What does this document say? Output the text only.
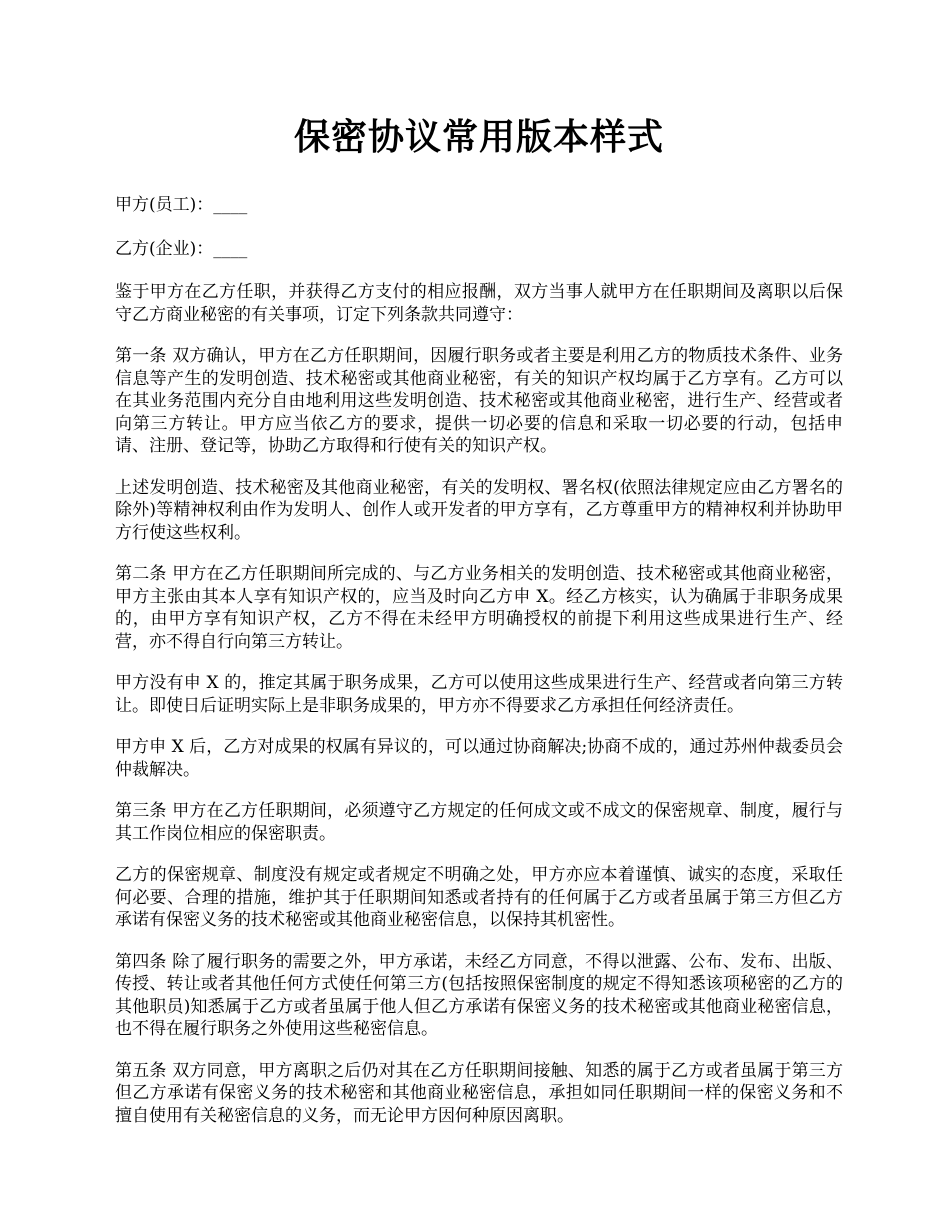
保密协议常用版本样式

甲方(员工)：____

乙方(企业)：____

鉴于甲方在乙方任职，并获得乙方支付的相应报酬，双方当事人就甲方在任职期间及离职以后保守乙方商业秘密的有关事项，订定下列条款共同遵守：

第一条 双方确认，甲方在乙方任职期间，因履行职务或者主要是利用乙方的物质技术条件、业务信息等产生的发明创造、技术秘密或其他商业秘密，有关的知识产权均属于乙方享有。乙方可以在其业务范围内充分自由地利用这些发明创造、技术秘密或其他商业秘密，进行生产、经营或者向第三方转让。甲方应当依乙方的要求，提供一切必要的信息和采取一切必要的行动，包括申请、注册、登记等，协助乙方取得和行使有关的知识产权。

上述发明创造、技术秘密及其他商业秘密，有关的发明权、署名权(依照法律规定应由乙方署名的除外)等精神权利由作为发明人、创作人或开发者的甲方享有，乙方尊重甲方的精神权利并协助甲方行使这些权利。

第二条 甲方在乙方任职期间所完成的、与乙方业务相关的发明创造、技术秘密或其他商业秘密，甲方主张由其本人享有知识产权的，应当及时向乙方申 X。经乙方核实，认为确属于非职务成果的，由甲方享有知识产权，乙方不得在未经甲方明确授权的前提下利用这些成果进行生产、经营，亦不得自行向第三方转让。

甲方没有申 X 的，推定其属于职务成果，乙方可以使用这些成果进行生产、经营或者向第三方转让。即使日后证明实际上是非职务成果的，甲方亦不得要求乙方承担任何经济责任。

甲方申 X 后，乙方对成果的权属有异议的，可以通过协商解决;协商不成的，通过苏州仲裁委员会仲裁解决。

第三条 甲方在乙方任职期间，必须遵守乙方规定的任何成文或不成文的保密规章、制度，履行与其工作岗位相应的保密职责。

乙方的保密规章、制度没有规定或者规定不明确之处，甲方亦应本着谨慎、诚实的态度，采取任何必要、合理的措施，维护其于任职期间知悉或者持有的任何属于乙方或者虽属于第三方但乙方承诺有保密义务的技术秘密或其他商业秘密信息，以保持其机密性。

第四条 除了履行职务的需要之外，甲方承诺，未经乙方同意，不得以泄露、公布、发布、出版、传授、转让或者其他任何方式使任何第三方(包括按照保密制度的规定不得知悉该项秘密的乙方的其他职员)知悉属于乙方或者虽属于他人但乙方承诺有保密义务的技术秘密或其他商业秘密信息，也不得在履行职务之外使用这些秘密信息。

第五条 双方同意，甲方离职之后仍对其在乙方任职期间接触、知悉的属于乙方或者虽属于第三方但乙方承诺有保密义务的技术秘密和其他商业秘密信息，承担如同任职期间一样的保密义务和不擅自使用有关秘密信息的义务，而无论甲方因何种原因离职。
